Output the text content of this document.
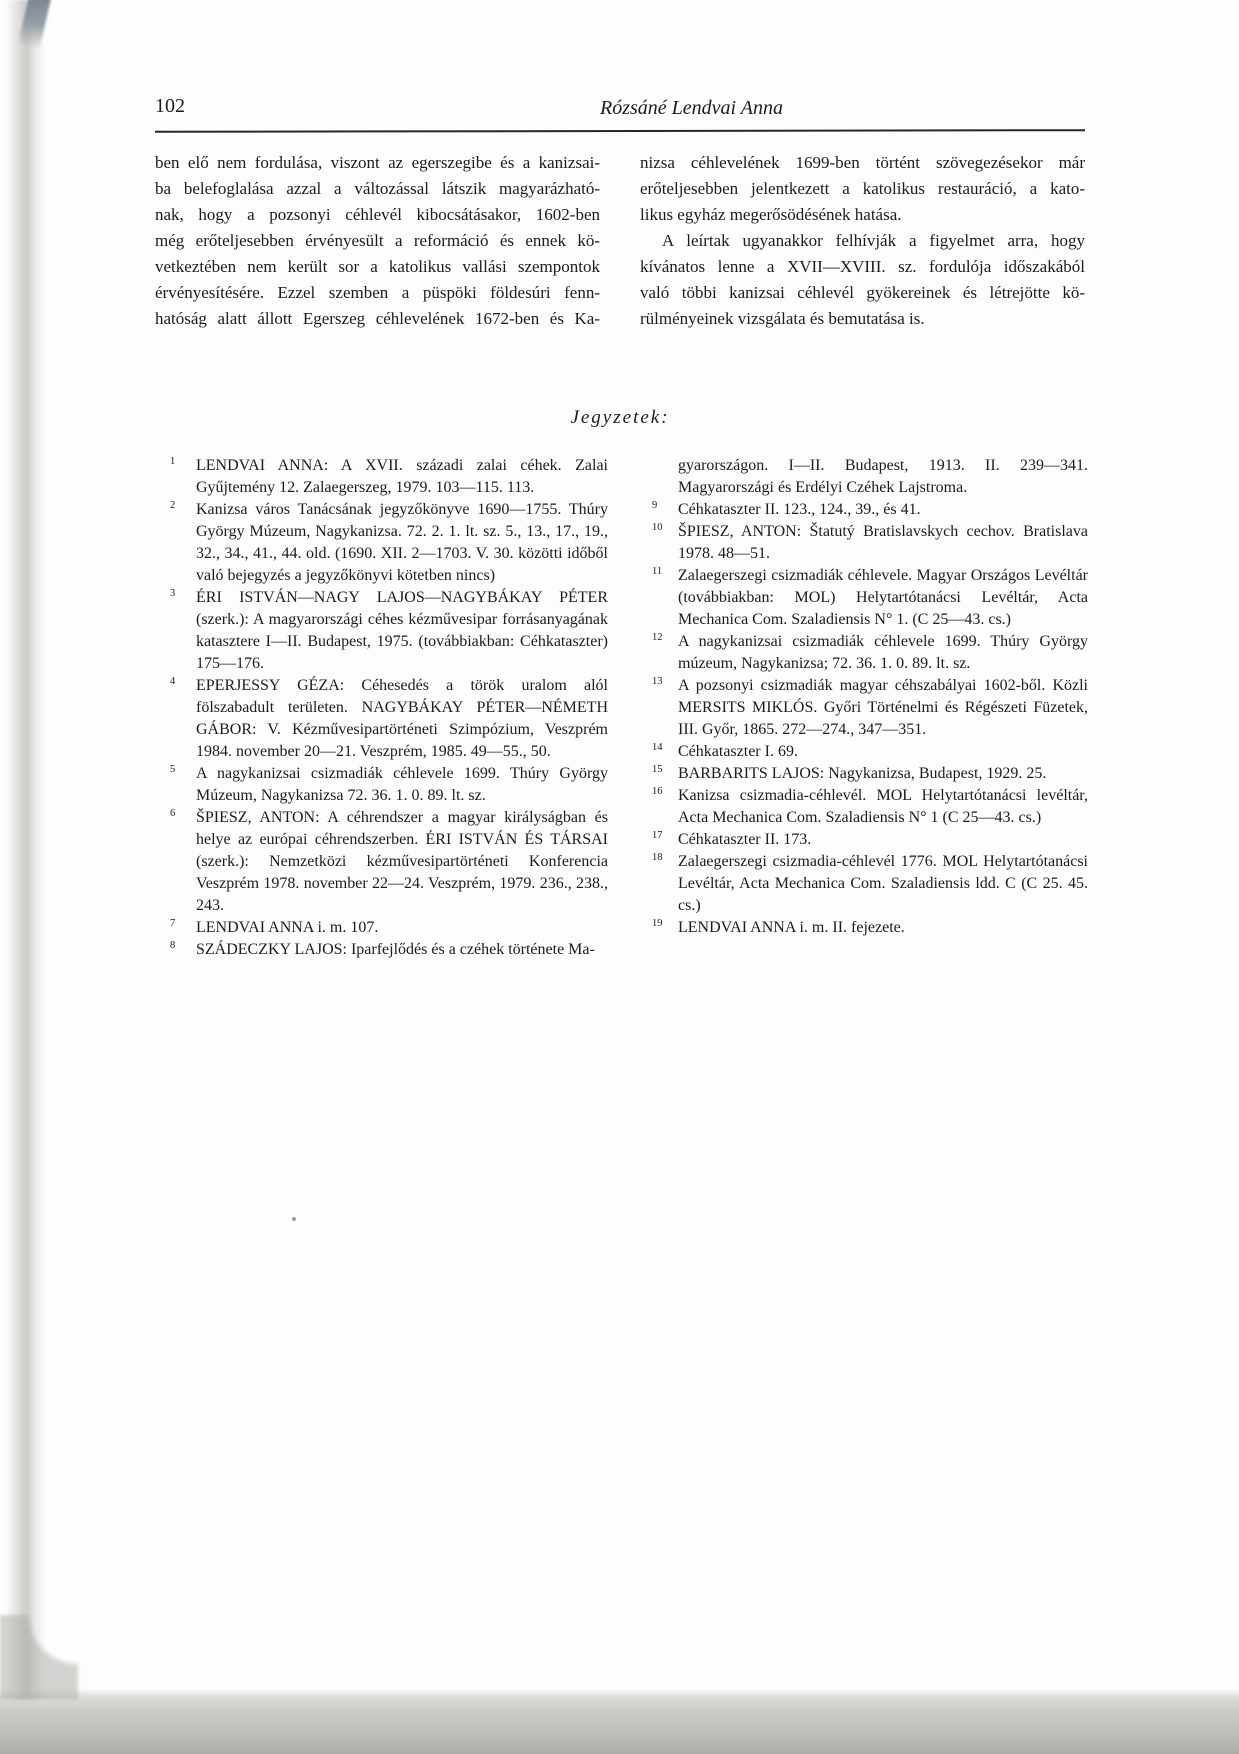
102	Rózsáné Lendvai Anna
ben elő nem fordulása, viszont az egerszegibe és a kanizsai-
ba belefoglalása azzal a változással látszik magyarázható-
nak, hogy a pozsonyi céhlevél kibocsátásakor, 1602-ben
még erőteljesebben érvényesült a reformáció és ennek kö-
vetkeztében nem került sor a katolikus vallási szempontok
érvényesítésére. Ezzel szemben a püspöki földesúri fenn-
hatóság alatt állott Egerszeg céhlevelének 1672-ben és Ka-
nizsa céhlevelének 1699-ben történt szövegezésekor már
erőteljesebben jelentkezett a katolikus restauráció, a kato-
likus egyház megerősödésének hatása.
A leírtak ugyanakkor felhívják a figyelmet arra, hogy
kívánatos lenne a XVII—XVIII. sz. fordulója időszakából
való többi kanizsai céhlevél gyökereinek és létrejötte kö-
rülményeinek vizsgálata és bemutatása is.
Jegyzetek:
1 LENDVAI ANNA: A XVII. századi zalai céhek. Zalai Gyűjtemény 12. Zalaegerszeg, 1979. 103—115. 113.
2 Kanizsa város Tanácsának jegyzőkönyve 1690—1755. Thúry György Múzeum, Nagykanizsa. 72. 2. 1. lt. sz. 5., 13., 17., 19., 32., 34., 41., 44. old. (1690. XII. 2—1703. V. 30. közötti időből való bejegyzés a jegyzőkönyvi kötetben nincs)
3 ÉRI ISTVÁN—NAGY LAJOS—NAGYBÁKAY PÉTER (szerk.): A magyarországi céhes kézművesipar forrásanyagának katasztere I—II. Budapest, 1975. (továbbiakban: Céhkataszter) 175—176.
4 EPERJESSY GÉZA: Céhesedés a török uralom alól fölszabadult területen. NAGYBÁKAY PÉTER—NÉMETH GÁBOR: V. Kézművesipartörténeti Szimpózium, Veszprém 1984. november 20—21. Veszprém, 1985. 49—55., 50.
5 A nagykanizsai csizmadiák céhlevele 1699. Thúry György Múzeum, Nagykanizsa 72. 36. 1. 0. 89. lt. sz.
6 ŠPIESZ, ANTON: A céhrendszer a magyar királyságban és helye az európai céhrendszerben. ÉRI ISTVÁN ÉS TÁRSAI (szerk.): Nemzetközi kézművesipartörténeti Konferencia Veszprém 1978. november 22—24. Veszprém, 1979. 236., 238., 243.
7 LENDVAI ANNA i. m. 107.
8 SZÁDECZKY LAJOS: Iparfejlődés és a czéhek története Ma-
gyarországon. I—II. Budapest, 1913. II. 239—341. Magyarországi és Erdélyi Czéhek Lajstroma.
9 Céhkataszter II. 123., 124., 39., és 41.
10 ŠPIESZ, ANTON: Štatutý Bratislavskych cechov. Bratislava 1978. 48—51.
11 Zalaegerszegi csizmadiák céhlevele. Magyar Országos Levéltár (továbbiakban: MOL) Helytartótanácsi Levéltár, Acta Mechanica Com. Szaladiensis N° 1. (C 25—43. cs.)
12 A nagykanizsai csizmadiák céhlevele 1699. Thúry György múzeum, Nagykanizsa; 72. 36. 1. 0. 89. lt. sz.
13 A pozsonyi csizmadiák magyar céhszabályai 1602-ből. Közli MERSITS MIKLÓS. Győri Történelmi és Régészeti Füzetek, III. Győr, 1865. 272—274., 347—351.
14 Céhkataszter I. 69.
15 BARBARITS LAJOS: Nagykanizsa, Budapest, 1929. 25.
16 Kanizsa csizmadia-céhlevél. MOL Helytartótanácsi levéltár, Acta Mechanica Com. Szaladiensis N° 1 (C 25—43. cs.)
17 Céhkataszter II. 173.
18 Zalaegerszegi csizmadia-céhlevél 1776. MOL Helytartótanácsi Levéltár, Acta Mechanica Com. Szaladiensis ldd. C (C 25. 45. cs.)
19 LENDVAI ANNA i. m. II. fejezete.
